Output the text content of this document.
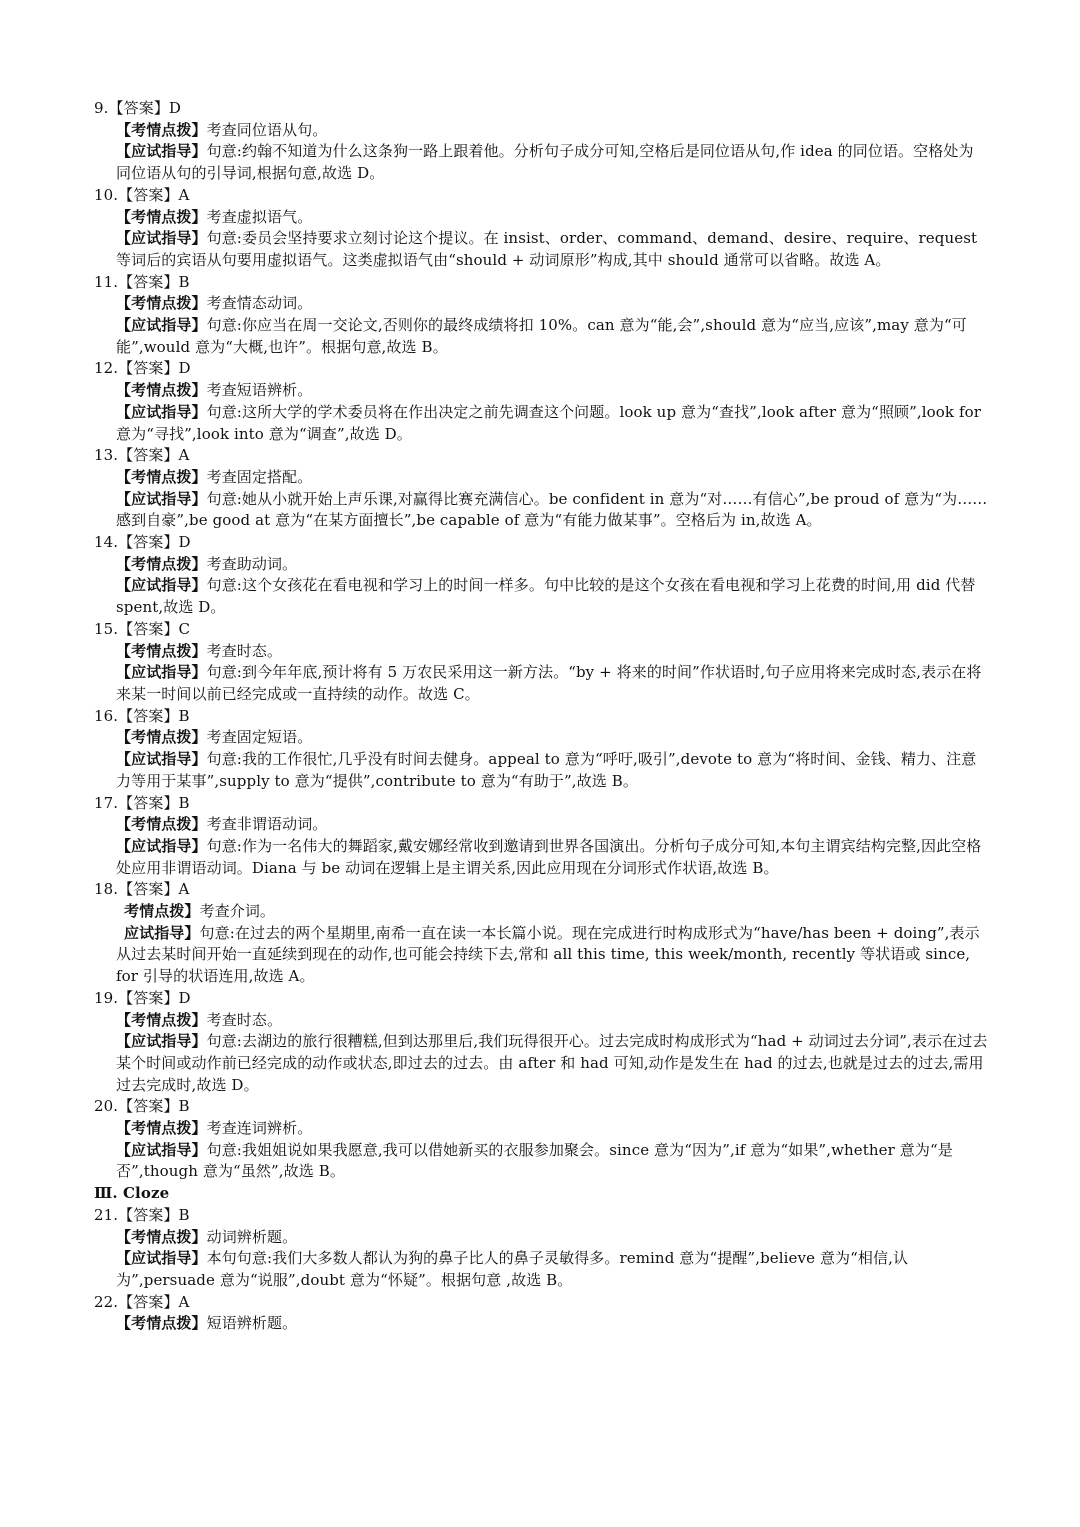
9.【答案】D
【考情点拨】考查同位语从句。
【应试指导】句意:约翰不知道为什么这条狗一路上跟着他。分析句子成分可知,空格后是同位语从句,作 idea 的同位语。空格处为同位语从句的引导词,根据句意,故选 D。
10.【答案】A
【考情点拨】考查虚拟语气。
【应试指导】句意:委员会坚持要求立刻讨论这个提议。在 insist、order、command、demand、desire、require、request 等词后的宾语从句要用虚拟语气。这类虚拟语气由“should + 动词原形”构成,其中 should 通常可以省略。故选 A。
11.【答案】B
【考情点拨】考查情态动词。
【应试指导】句意:你应当在周一交论文,否则你的最终成绩将扣 10%。can 意为“能,会”,should 意为“应当,应该”,may 意为“可能”,would 意为“大概,也许”。根据句意,故选 B。
12.【答案】D
【考情点拨】考查短语辨析。
【应试指导】句意:这所大学的学术委员将在作出决定之前先调查这个问题。look up 意为“查找”,look after 意为“照顾”,look for 意为“寻找”,look into 意为“调查”,故选 D。
13.【答案】A
【考情点拨】考查固定搭配。
【应试指导】句意:她从小就开始上声乐课,对赢得比赛充满信心。be confident in 意为“对……有信心”,be proud of 意为“为……感到自豪”,be good at 意为“在某方面擅长”,be capable of 意为“有能力做某事”。空格后为 in,故选 A。
14.【答案】D
【考情点拨】考查助动词。
【应试指导】句意:这个女孩花在看电视和学习上的时间一样多。句中比较的是这个女孩在看电视和学习上花费的时间,用 did 代替 spent,故选 D。
15.【答案】C
【考情点拨】考查时态。
【应试指导】句意:到今年年底,预计将有 5 万农民采用这一新方法。“by + 将来的时间”作状语时,句子应用将来完成时态,表示在将来某一时间以前已经完成或一直持续的动作。故选 C。
16.【答案】B
【考情点拨】考查固定短语。
【应试指导】句意:我的工作很忙,几乎没有时间去健身。appeal to 意为“呼吁,吸引”,devote to 意为“将时间、金钱、精力、注意力等用于某事”,supply to 意为“提供”,contribute to 意为“有助于”,故选 B。
17.【答案】B
【考情点拨】考查非谓语动词。
【应试指导】句意:作为一名伟大的舞蹈家,戴安娜经常收到邀请到世界各国演出。分析句子成分可知,本句主谓宾结构完整,因此空格处应用非谓语动词。Diana 与 be 动词在逻辑上是主谓关系,因此应用现在分词形式作状语,故选 B。
18.【答案】A
考情点拨】考查介词。
应试指导】句意:在过去的两个星期里,南希一直在读一本长篇小说。现在完成进行时构成形式为“have/has been + doing”,表示从过去某时间开始一直延续到现在的动作,也可能会持续下去,常和 all this time, this week/month, recently 等状语或 since, for 引导的状语连用,故选 A。
19.【答案】D
【考情点拨】考查时态。
【应试指导】句意:去湖边的旅行很糟糕,但到达那里后,我们玩得很开心。过去完成时构成形式为“had + 动词过去分词”,表示在过去某个时间或动作前已经完成的动作或状态,即过去的过去。由 after 和 had 可知,动作是发生在 had 的过去,也就是过去的过去,需用过去完成时,故选 D。
20.【答案】B
【考情点拨】考查连词辨析。
【应试指导】句意:我姐姐说如果我愿意,我可以借她新买的衣服参加聚会。since 意为“因为”,if 意为“如果”,whether 意为“是否”,though 意为“虽然”,故选 B。
Ⅲ. Cloze
21.【答案】B
【考情点拨】动词辨析题。
【应试指导】本句句意:我们大多数人都认为狗的鼻子比人的鼻子灵敏得多。remind 意为“提醒”,believe 意为“相信,认为”,persuade 意为“说服”,doubt 意为“怀疑”。根据句意 ,故选 B。
22.【答案】A
【考情点拨】短语辨析题。
